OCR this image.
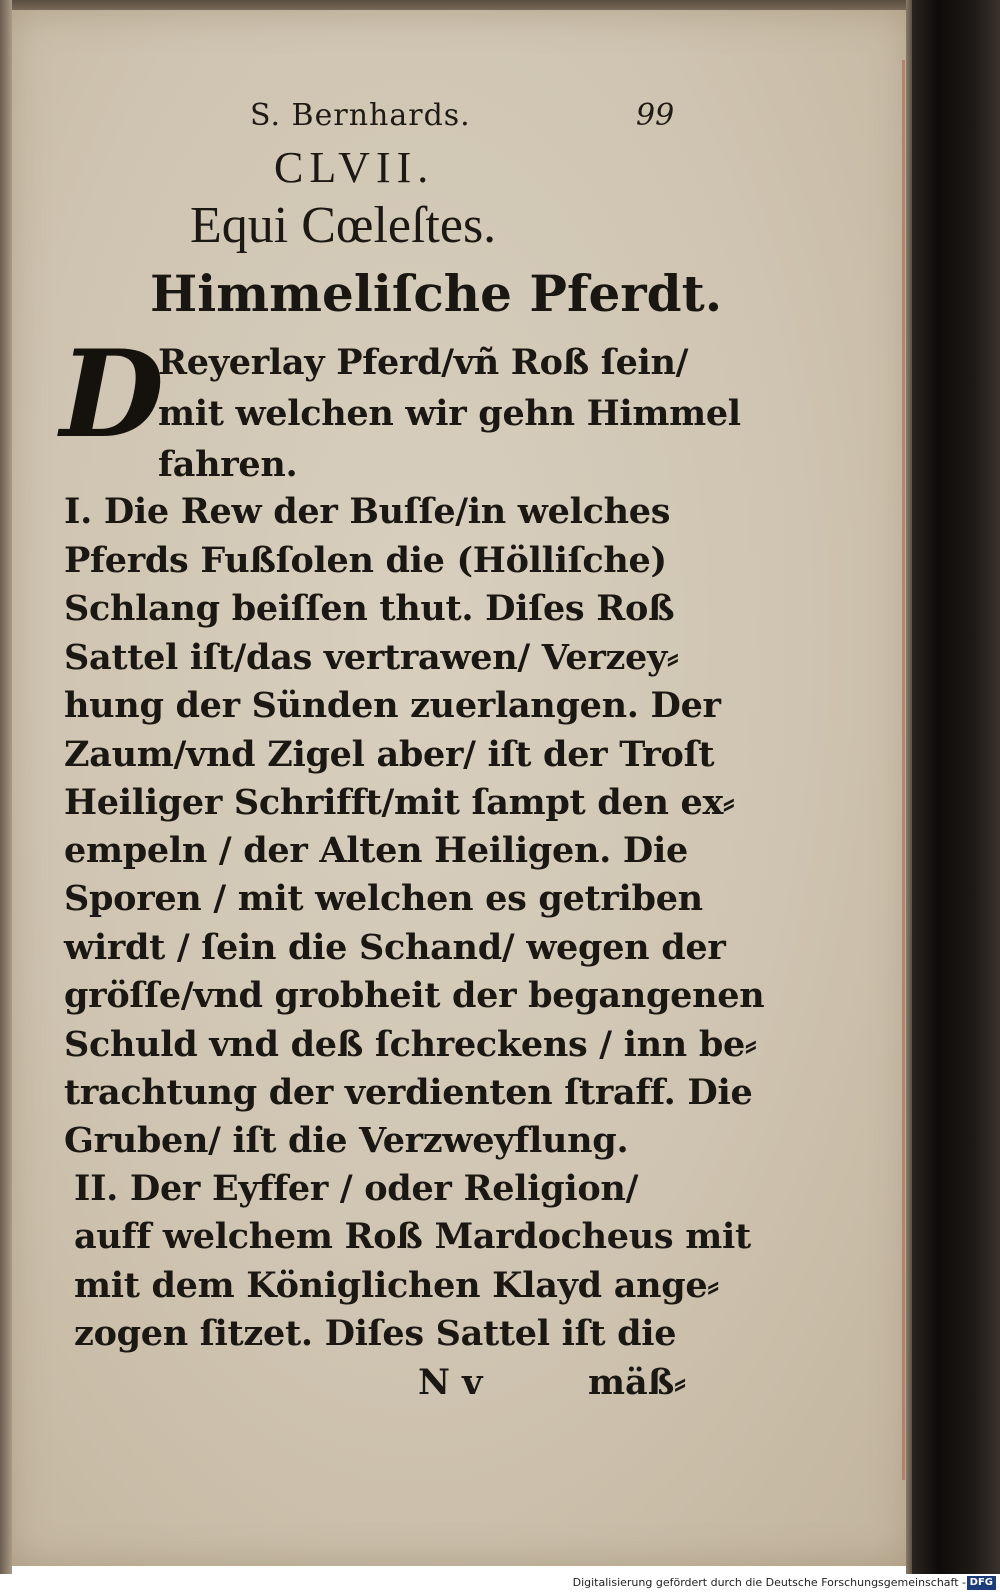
S. Bernhards.	99
CLVII.
Equi Cœleſtes.
Himmeliſche Pferdt.
D
Reyerlay Pferd/vñ Roß ſein/
mit welchen wir gehn Himmel
fahren.
I. Die Rew der Buſſe/in welches
Pferds Fußſolen die (Hölliſche)
Schlang beiſſen thut. Diſes Roß
Sattel iſt/das vertrawen/ Verzey⸗
hung der Sünden zuerlangen. Der
Zaum/vnd Zigel aber/ iſt der Troſt
Heiliger Schrifft/mit ſampt den ex⸗
empeln / der Alten Heiligen. Die
Sporen / mit welchen es getriben
wirdt / ſein die Schand/ wegen der
gröſſe/vnd grobheit der begangenen
Schuld vnd deß ſchreckens / inn be⸗
trachtung der verdienten ſtraff. Die
Gruben/ iſt die Verzweyflung.
II. Der Eyffer / oder Religion/
auff welchem Roß Mardocheus mit
mit dem Königlichen Klayd ange⸗
zogen ſitzet. Diſes Sattel iſt die
N v	mäß⸗
Digitalisierung gefördert durch die Deutsche Forschungsgemeinschaft - DFG
